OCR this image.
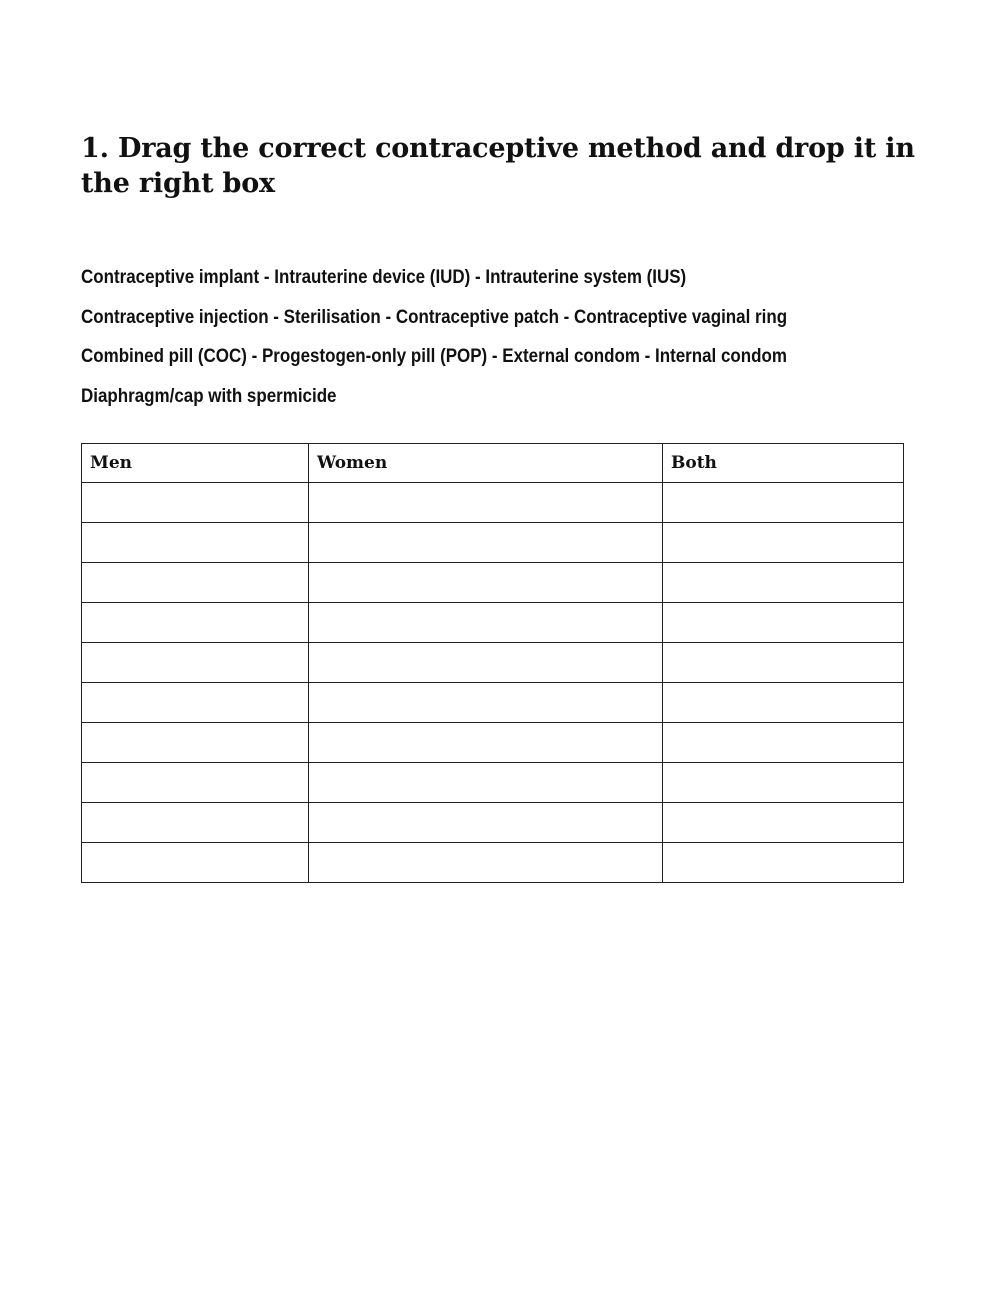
1. Drag the correct contraceptive method and drop it in the right box
Contraceptive implant - Intrauterine device (IUD) - Intrauterine system (IUS)
Contraceptive injection - Sterilisation - Contraceptive patch - Contraceptive vaginal ring
Combined pill (COC) - Progestogen-only pill (POP) - External condom - Internal condom
Diaphragm/cap with spermicide
Men	Women	Both
